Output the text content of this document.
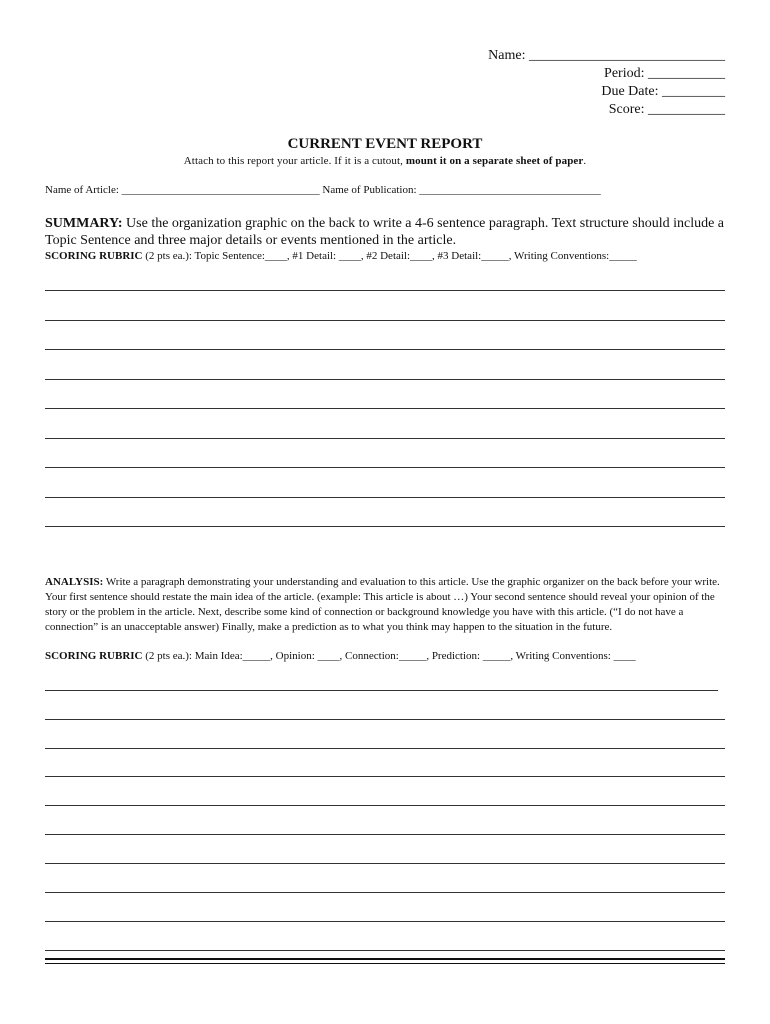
Name: ____________________________
Period: ___________
Due Date: _________
Score: ___________
CURRENT EVENT REPORT
Attach to this report your article. If it is a cutout, mount it on a separate sheet of paper.
Name of Article: ____________________________________ Name of Publication: _________________________________
SUMMARY: Use the organization graphic on the back to write a 4-6 sentence paragraph. Text structure should include a Topic Sentence and three major details or events mentioned in the article.
SCORING RUBRIC (2 pts ea.): Topic Sentence:____, #1 Detail: ____, #2 Detail:____, #3 Detail:_____, Writing Conventions:_____
ANALYSIS: Write a paragraph demonstrating your understanding and evaluation to this article. Use the graphic organizer on the back before your write. Your first sentence should restate the main idea of the article. (example: This article is about …) Your second sentence should reveal your opinion of the story or the problem in the article. Next, describe some kind of connection or background knowledge you have with this article. (“I do not have a connection” is an unacceptable answer) Finally, make a prediction as to what you think may happen to the situation in the future.
SCORING RUBRIC (2 pts ea.): Main Idea:_____, Opinion: ____, Connection:_____, Prediction: _____, Writing Conventions: ____
